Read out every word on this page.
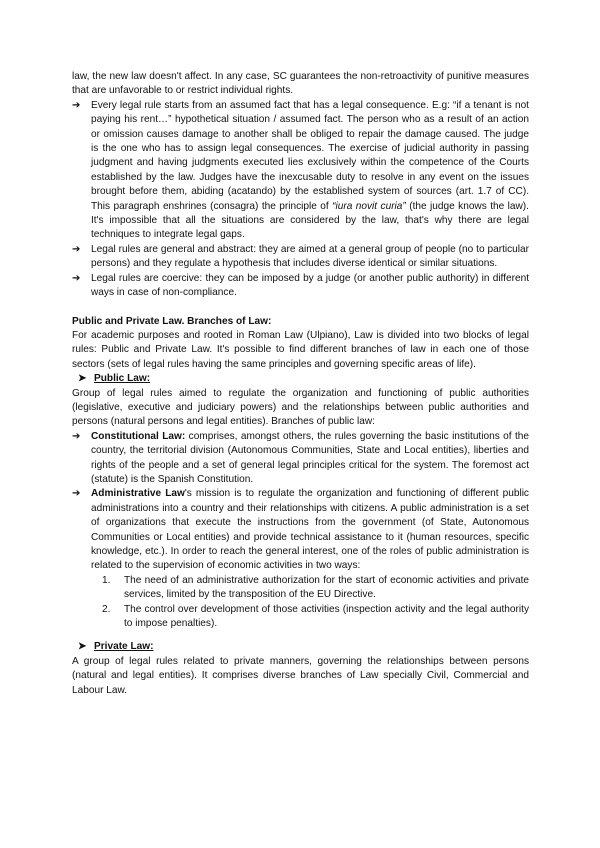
law, the new law doesn't affect. In any case, SC guarantees the non-retroactivity of punitive measures that are unfavorable to or restrict individual rights.

➔	Every legal rule starts from an assumed fact that has a legal consequence. E.g: “if a tenant is not paying his rent…” hypothetical situation / assumed fact. The person who as a result of an action or omission causes damage to another shall be obliged to repair the damage caused. The judge is the one who has to assign legal consequences. The exercise of judicial authority in passing judgment and having judgments executed lies exclusively within the competence of the Courts established by the law. Judges have the inexcusable duty to resolve in any event on the issues brought before them, abiding (acatando) by the established system of sources (art. 1.7 of CC). This paragraph enshrines (consagra) the principle of “iura novit curia” (the judge knows the law). It's impossible that all the situations are considered by the law, that's why there are legal techniques to integrate legal gaps.

➔	Legal rules are general and abstract: they are aimed at a general group of people (no to particular persons) and they regulate a hypothesis that includes diverse identical or similar situations.

➔	Legal rules are coercive: they can be imposed by a judge (or another public authority) in different ways in case of non-compliance.

Public and Private Law. Branches of Law:

For academic purposes and rooted in Roman Law (Ulpiano), Law is divided into two blocks of legal rules: Public and Private Law. It's possible to find different branches of law in each one of those sectors (sets of legal rules having the same principles and governing specific areas of life).

➤ Public Law:

Group of legal rules aimed to regulate the organization and functioning of public authorities (legislative, executive and judiciary powers) and the relationships between public authorities and persons (natural persons and legal entities). Branches of public law:

➔	Constitutional Law: comprises, amongst others, the rules governing the basic institutions of the country, the territorial division (Autonomous Communities, State and Local entities), liberties and rights of the people and a set of general legal principles critical for the system. The foremost act (statute) is the Spanish Constitution.

➔	Administrative Law's mission is to regulate the organization and functioning of different public administrations into a country and their relationships with citizens. A public administration is a set of organizations that execute the instructions from the government (of State, Autonomous Communities or Local entities) and provide technical assistance to it (human resources, specific knowledge, etc.). In order to reach the general interest, one of the roles of public administration is related to the supervision of economic activities in two ways:

1.	The need of an administrative authorization for the start of economic activities and private services, limited by the transposition of the EU Directive.

2.	The control over development of those activities (inspection activity and the legal authority to impose penalties).

➤ Private Law:

A group of legal rules related to private manners, governing the relationships between persons (natural and legal entities). It comprises diverse branches of Law specially Civil, Commercial and Labour Law.
